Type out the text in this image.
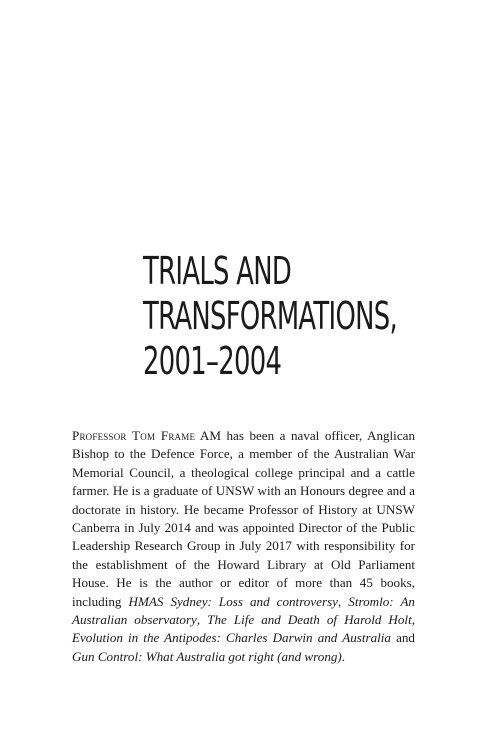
TRIALS AND
TRANSFORMATIONS,
2001–2004

Professor Tom Frame AM has been a naval officer, Anglican Bishop to the Defence Force, a member of the Australian War Memorial Council, a theological college principal and a cattle farmer. He is a graduate of UNSW with an Honours degree and a doctorate in history. He became Professor of History at UNSW Canberra in July 2014 and was appointed Director of the Public Leadership Research Group in July 2017 with responsibility for the establishment of the Howard Library at Old Parliament House. He is the author or editor of more than 45 books, including HMAS Sydney: Loss and controversy, Stromlo: An Australian observatory, The Life and Death of Harold Holt, Evolution in the Antipodes: Charles Darwin and Australia and Gun Control: What Australia got right (and wrong).
